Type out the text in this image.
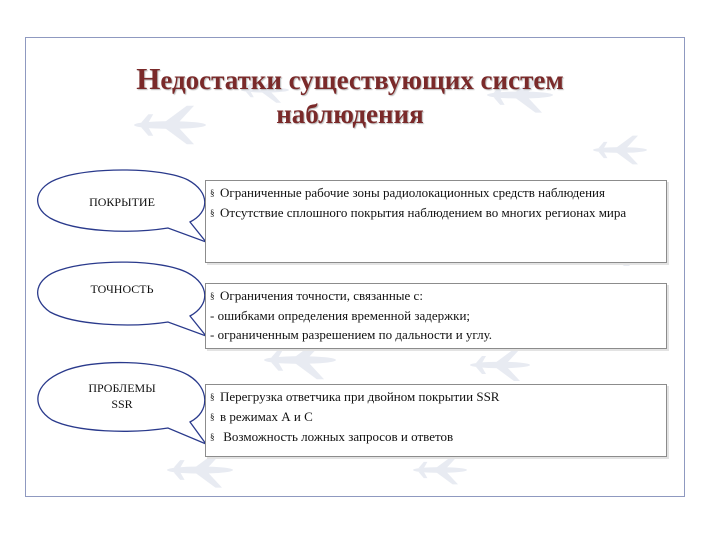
Недостатки существующих систем
наблюдения
ПОКРЫТИЕ
ТОЧНОСТЬ
ПРОБЛЕМЫ
SSR
§ Ограниченные рабочие зоны радиолокационных средств наблюдения
§ Отсутствие сплошного покрытия наблюдением во многих регионах мира
§ Ограничения точности, связанные с:
- ошибками определения временной задержки;
- ограниченным разрешением по дальности и углу.
§ Перегрузка ответчика при двойном покрытии SSR
§ в режимах А и С
§ Возможность ложных запросов и ответов
